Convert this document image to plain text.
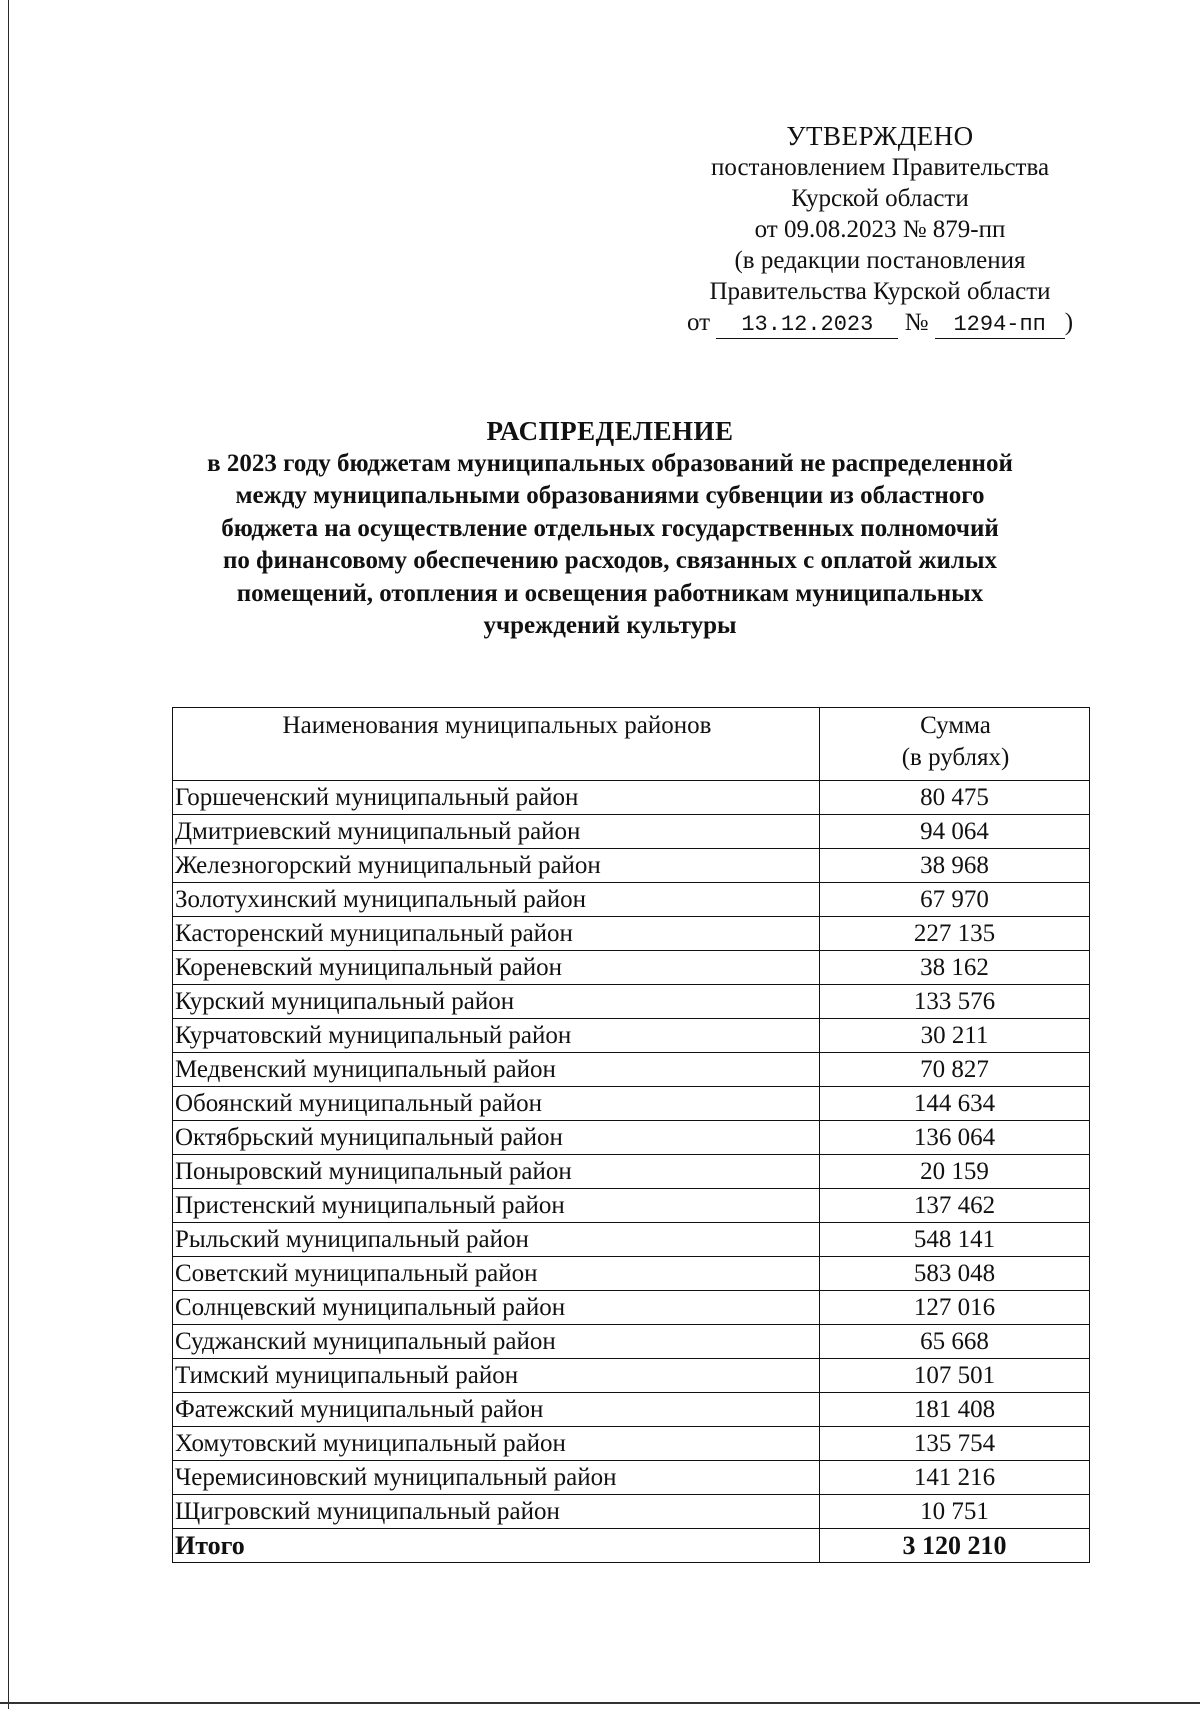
УТВЕРЖДЕНО
постановлением Правительства
Курской области
от 09.08.2023 № 879-пп
(в редакции постановления
Правительства Курской области
от 13.12.2023 № 1294-пп )
РАСПРЕДЕЛЕНИЕ
в 2023 году бюджетам муниципальных образований не распределенной
между муниципальными образованиями субвенции из областного
бюджета на осуществление отдельных государственных полномочий
по финансовому обеспечению расходов, связанных с оплатой жилых
помещений, отопления и освещения работникам муниципальных
учреждений культуры
Наименования муниципальных районов	Сумма
(в рублях)

Горшеченский муниципальный район	80 475
Дмитриевский муниципальный район	94 064
Железногорский муниципальный район	38 968
Золотухинский муниципальный район	67 970
Касторенский муниципальный район	227 135
Кореневский муниципальный район	38 162
Курский муниципальный район	133 576
Курчатовский муниципальный район	30 211
Медвенский муниципальный район	70 827
Обоянский муниципальный район	144 634
Октябрьский муниципальный район	136 064
Поныровский муниципальный район	20 159
Пристенский муниципальный район	137 462
Рыльский муниципальный район	548 141
Советский муниципальный район	583 048
Солнцевский муниципальный район	127 016
Суджанский муниципальный район	65 668
Тимский муниципальный район	107 501
Фатежский муниципальный район	181 408
Хомутовский муниципальный район	135 754
Черемисиновский муниципальный район	141 216
Щигровский муниципальный район	10 751
Итого	3 120 210
